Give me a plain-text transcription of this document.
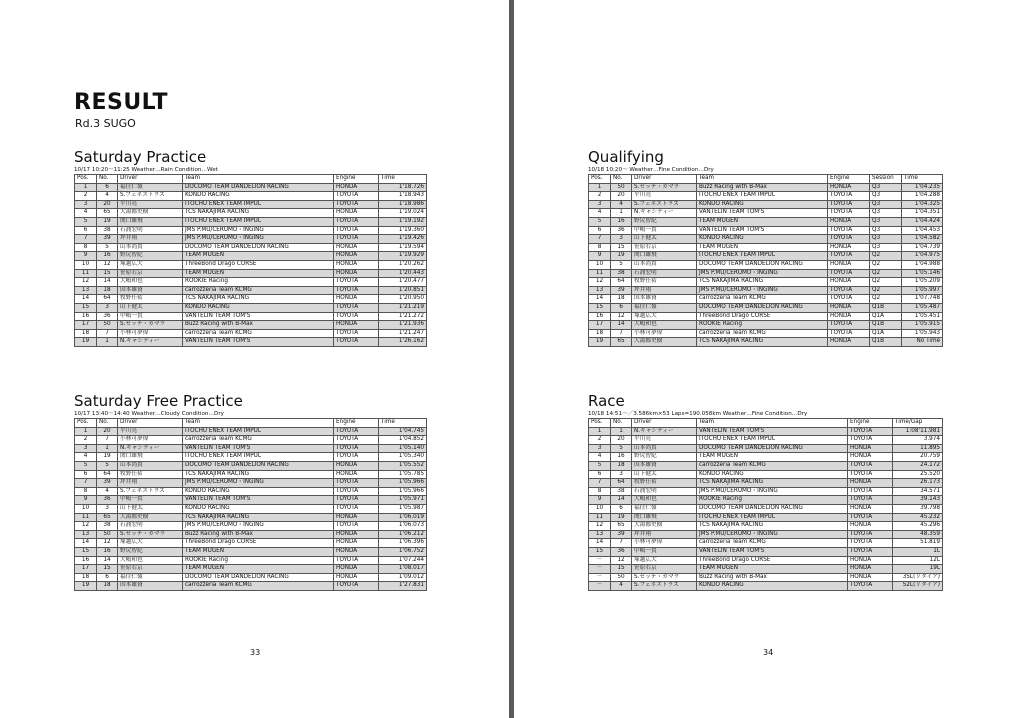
RESULT
Rd.3 SUGO
Saturday Practice
10/17 10:20～11:25 Weather…Rain Condition…Wet
Pos.	No.	Driver	Team	Engine	Time
1	6	福住仁嶺	DOCOMO TEAM DANDELION RACING	HONDA	1'18.726
2	4	S.フェネストラズ	KONDO RACING	TOYOTA	1'18.943
3	20	平川亮	ITOCHU ENEX TEAM IMPUL	TOYOTA	1'18.986
4	65	大湯都史樹	TCS NAKAJIMA RACING	HONDA	1'19.024
5	19	関口雄飛	ITOCHU ENEX TEAM IMPUL	TOYOTA	1'19.192
6	38	石浦宏明	JMS P.MU/CERUMO・INGING	TOYOTA	1'19.360
7	39	坪井翔	JMS P.MU/CERUMO・INGING	TOYOTA	1'19.426
8	5	山本尚貴	DOCOMO TEAM DANDELION RACING	HONDA	1'19.594
9	16	野尻智紀	TEAM MUGEN	HONDA	1'19.929
10	12	塚越広大	ThreeBond Drago CORSE	HONDA	1'20.262
11	15	笹原右京	TEAM MUGEN	HONDA	1'20.443
12	14	大嶋和也	ROOKIE Racing	TOYOTA	1'20.477
13	18	国本雄資	carrozzeria Team KCMG	TOYOTA	1'20.851
14	64	牧野任祐	TCS NAKAJIMA RACING	HONDA	1'20.950
15	3	山下健太	KONDO RACING	TOYOTA	1'21.219
16	36	中嶋一貴	VANTELIN TEAM TOM'S	TOYOTA	1'21.272
17	50	S.セッテ・カマラ	Buzz Racing with B-Max	HONDA	1'21.936
18	7	小林可夢偉	carrozzeria Team KCMG	TOYOTA	1'21.247
19	1	N.キャシディー	VANTELIN TEAM TOM'S	TOYOTA	1'26.162
Saturday Free Practice
10/17 13:40～14:40 Weather…Cloudy Condition…Dry
Pos.	No.	Driver	Team	Engine	Time
1	20	平川亮	ITOCHU ENEX TEAM IMPUL	TOYOTA	1'04.745
2	7	小林可夢偉	carrozzeria Team KCMG	TOYOTA	1'04.852
3	1	N.キャシディー	VANTELIN TEAM TOM'S	TOYOTA	1'05.140
4	19	関口雄飛	ITOCHU ENEX TEAM IMPUL	TOYOTA	1'05.340
5	5	山本尚貴	DOCOMO TEAM DANDELION RACING	HONDA	1'05.552
6	64	牧野任祐	TCS NAKAJIMA RACING	HONDA	1'05.785
7	39	坪井翔	JMS P.MU/CERUMO・INGING	TOYOTA	1'05.966
8	4	S.フェネストラズ	KONDO RACING	TOYOTA	1'05.966
9	36	中嶋一貴	VANTELIN TEAM TOM'S	TOYOTA	1'05.971
10	3	山下健太	KONDO RACING	TOYOTA	1'05.987
11	65	大湯都史樹	TCS NAKAJIMA RACING	HONDA	1'06.019
12	38	石浦宏明	JMS P.MU/CERUMO・INGING	TOYOTA	1'06.073
13	50	S.セッテ・カマラ	Buzz Racing with B-Max	HONDA	1'06.212
14	12	塚越広大	ThreeBond Drago CORSE	HONDA	1'06.396
15	16	野尻智紀	TEAM MUGEN	HONDA	1'06.752
16	14	大嶋和也	ROOKIE Racing	TOYOTA	1'07.244
17	15	笹原右京	TEAM MUGEN	HONDA	1'08.017
18	6	福住仁嶺	DOCOMO TEAM DANDELION RACING	HONDA	1'09.012
19	18	国本雄資	carrozzeria Team KCMG	TOYOTA	1'27.831
33
Qualifying
10/18 10:20～ Weather…Fine Condition…Dry
Pos.	No.	Driver	Team	Engine	Session	Time
1	50	S.セッテ・カマラ	Buzz Racing with B-Max	HONDA	Q3	1'04.235
2	20	平川亮	ITOCHU ENEX TEAM IMPUL	TOYOTA	Q3	1'04.288
3	4	S.フェネストラズ	KONDO RACING	TOYOTA	Q3	1'04.325
4	1	N.キャシディー	VANTELIN TEAM TOM'S	TOYOTA	Q3	1'04.351
5	16	野尻智紀	TEAM MUGEN	HONDA	Q3	1'04.424
6	36	中嶋一貴	VANTELIN TEAM TOM'S	TOYOTA	Q3	1'04.453
7	3	山下健太	KONDO RACING	TOYOTA	Q3	1'04.582
8	15	笹原右京	TEAM MUGEN	HONDA	Q3	1'04.739
9	19	関口雄飛	ITOCHU ENEX TEAM IMPUL	TOYOTA	Q2	1'04.975
10	5	山本尚貴	DOCOMO TEAM DANDELION RACING	HONDA	Q2	1'04.988
11	38	石浦宏明	JMS P.MU/CERUMO・INGING	TOYOTA	Q2	1'05.146
12	64	牧野任祐	TCS NAKAJIMA RACING	HONDA	Q2	1'05.209
13	39	坪井翔	JMS P.MU/CERUMO・INGING	TOYOTA	Q2	1'05.997
14	18	国本雄資	carrozzeria Team KCMG	TOYOTA	Q2	1'07.748
15	6	福住仁嶺	DOCOMO TEAM DANDELION RACING	HONDA	Q1B	1'05.487
16	12	塚越広大	ThreeBond Drago CORSE	HONDA	Q1A	1'05.451
17	14	大嶋和也	ROOKIE Racing	TOYOTA	Q1B	1'05.915
18	7	小林可夢偉	carrozzeria Team KCMG	TOYOTA	Q1A	1'05.943
19	65	大湯都史樹	TCS NAKAJIMA RACING	HONDA	Q1B	No Time
Race
10/18 14:51～／3.586km×53 Laps=190.058km Weather…Fine Condition…Dry
Pos.	No.	Driver	Team	Engine	Time/Gap
1	1	N.キャシディー	VANTELIN TEAM TOM'S	TOYOTA	1:08'11.981
2	20	平川亮	ITOCHU ENEX TEAM IMPUL	TOYOTA	3.974
3	5	山本尚貴	DOCOMO TEAM DANDELION RACING	HONDA	11.895
4	16	野尻智紀	TEAM MUGEN	HONDA	20.759
5	18	国本雄資	carrozzeria Team KCMG	TOYOTA	24.172
6	3	山下健太	KONDO RACING	TOYOTA	25.520
7	64	牧野任祐	TCS NAKAJIMA RACING	HONDA	26.173
8	38	石浦宏明	JMS P.MU/CERUMO・INGING	TOYOTA	34.571
9	14	大嶋和也	ROOKIE Racing	TOYOTA	39.143
10	6	福住仁嶺	DOCOMO TEAM DANDELION RACING	HONDA	39.798
11	19	関口雄飛	ITOCHU ENEX TEAM IMPUL	TOYOTA	45.232
12	65	大湯都史樹	TCS NAKAJIMA RACING	HONDA	45.296
13	39	坪井翔	JMS P.MU/CERUMO・INGING	TOYOTA	48.359
14	7	小林可夢偉	carrozzeria Team KCMG	TOYOTA	51.819
15	36	中嶋一貴	VANTELIN TEAM TOM'S	TOYOTA	1L
－	12	塚越広大	ThreeBond Drago CORSE	HONDA	12L
－	15	笹原右京	TEAM MUGEN	HONDA	19L
－	50	S.セッテ・カマラ	Buzz Racing with B-Max	HONDA	35L(リタイア)
－	4	S.フェネストラズ	KONDO RACING	TOYOTA	52L(リタイア)
34
